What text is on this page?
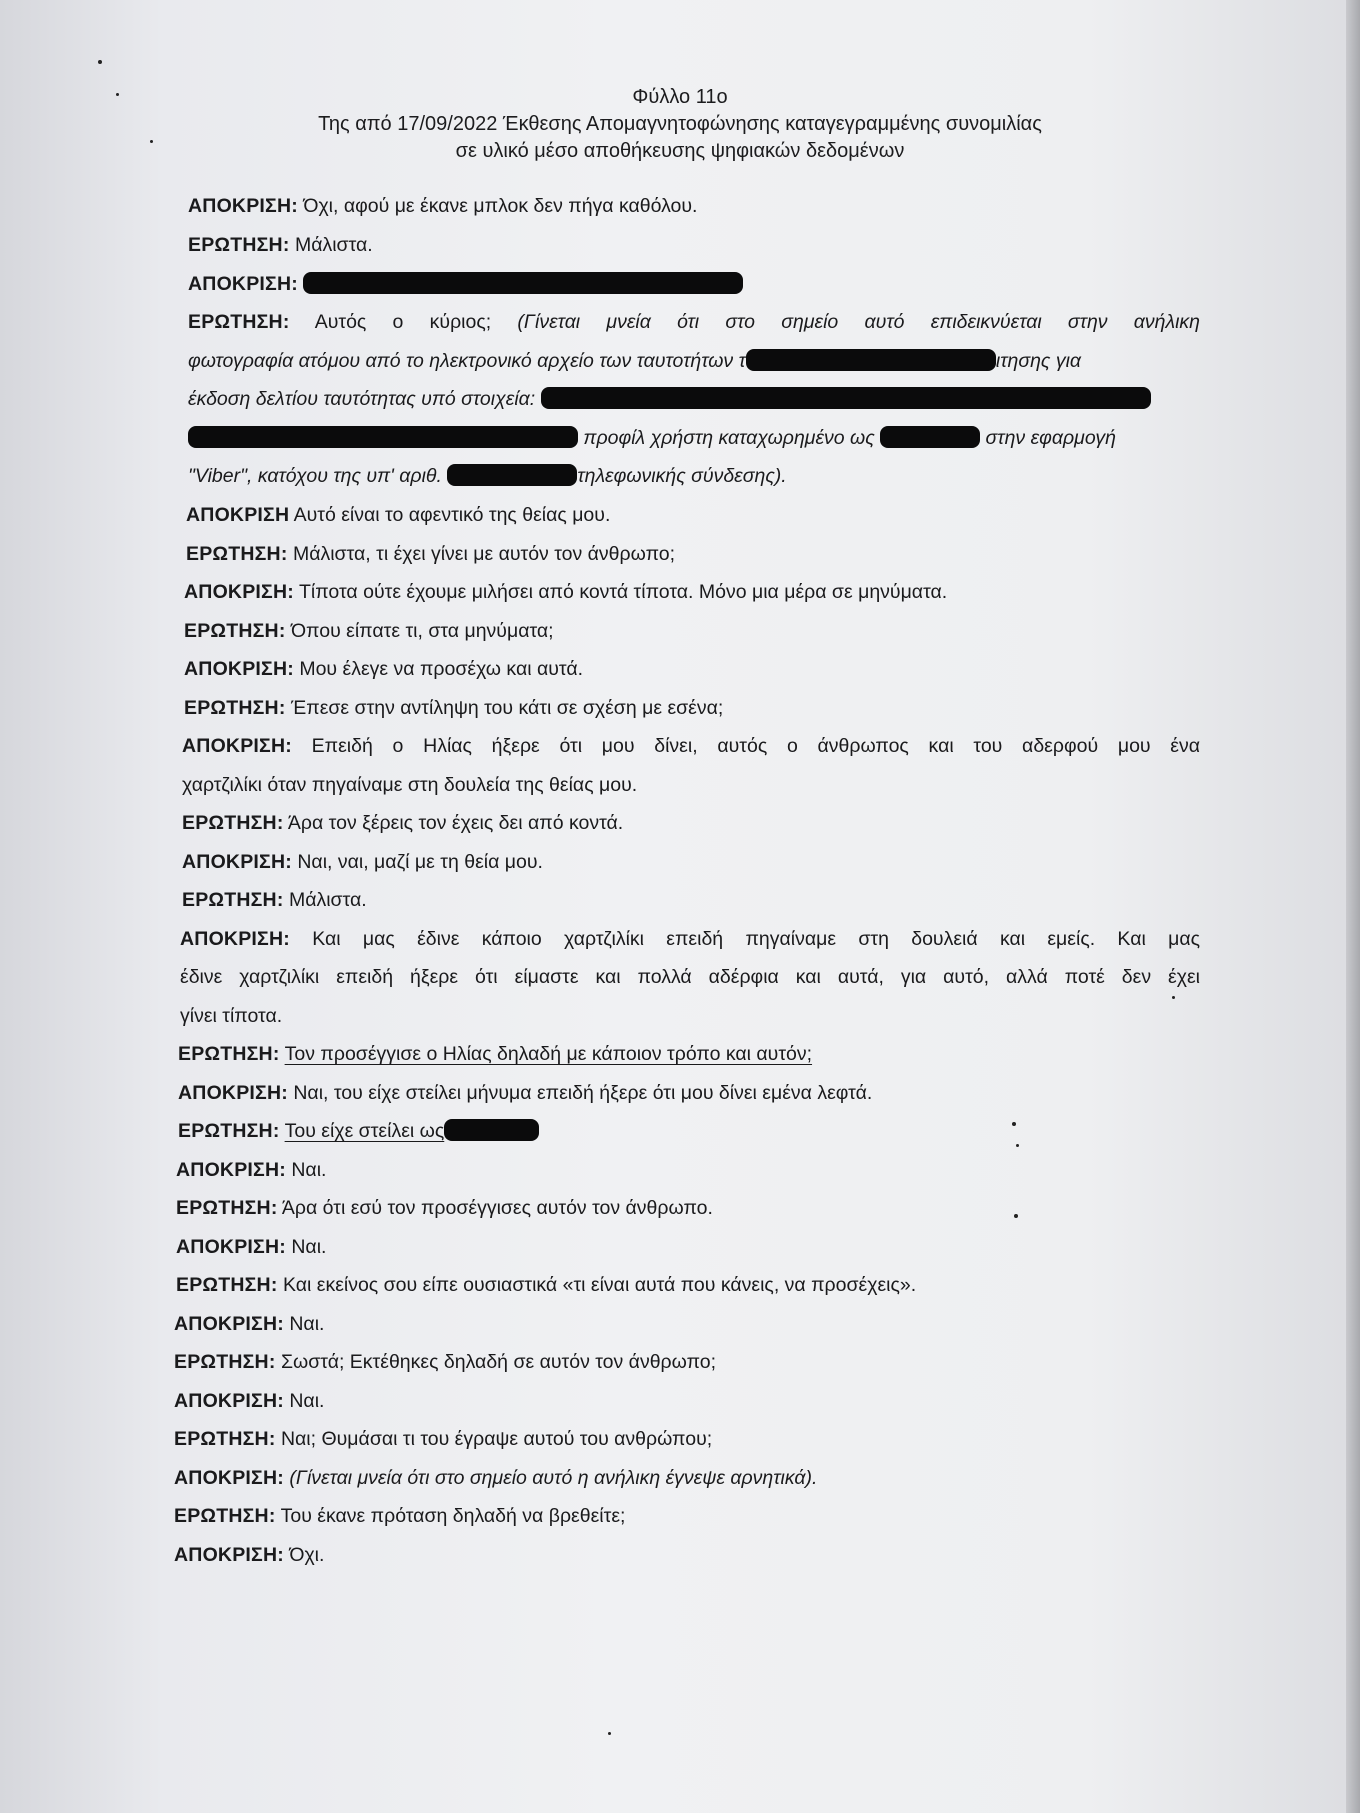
Φύλλο 11ο
Της από 17/09/2022 Έκθεσης Απομαγνητοφώνησης καταγεγραμμένης συνομιλίας
σε υλικό μέσο αποθήκευσης ψηφιακών δεδομένων
ΑΠΟΚΡΙΣΗ: Όχι, αφού με έκανε μπλοκ δεν πήγα καθόλου.
ΕΡΩΤΗΣΗ: Μάλιστα.
ΑΠΟΚΡΙΣΗ:
ΕΡΩΤΗΣΗ: Αυτός ο κύριος; (Γίνεται μνεία ότι στο σημείο αυτό επιδεικνύεται στην ανήλικη
φωτογραφία ατόμου από το ηλεκτρονικό αρχείο των ταυτοτήτων τ	ιτησης για
έκδοση δελτίου ταυτότητας υπό στοιχεία:
προφίλ χρήστη καταχωρημένο ως	στην εφαρμογή
"Viber", κατόχου της υπ' αριθ.	τηλεφωνικής σύνδεσης).
ΑΠΟΚΡΙΣΗ Αυτό είναι το αφεντικό της θείας μου.
ΕΡΩΤΗΣΗ: Μάλιστα, τι έχει γίνει με αυτόν τον άνθρωπο;
ΑΠΟΚΡΙΣΗ: Τίποτα ούτε έχουμε μιλήσει από κοντά τίποτα. Μόνο μια μέρα σε μηνύματα.
ΕΡΩΤΗΣΗ: Όπου είπατε τι, στα μηνύματα;
ΑΠΟΚΡΙΣΗ: Μου έλεγε να προσέχω και αυτά.
ΕΡΩΤΗΣΗ: Έπεσε στην αντίληψη του κάτι σε σχέση με εσένα;
ΑΠΟΚΡΙΣΗ: Επειδή ο Ηλίας ήξερε ότι μου δίνει, αυτός ο άνθρωπος και του αδερφού μου ένα
χαρτζιλίκι όταν πηγαίναμε στη δουλεία της θείας μου.
ΕΡΩΤΗΣΗ: Άρα τον ξέρεις τον έχεις δει από κοντά.
ΑΠΟΚΡΙΣΗ: Ναι, ναι, μαζί με τη θεία μου.
ΕΡΩΤΗΣΗ: Μάλιστα.
ΑΠΟΚΡΙΣΗ: Και μας έδινε κάποιο χαρτζιλίκι επειδή πηγαίναμε στη δουλειά και εμείς. Και μας
έδινε χαρτζιλίκι επειδή ήξερε ότι είμαστε και πολλά αδέρφια και αυτά, για αυτό, αλλά ποτέ δεν έχει
γίνει τίποτα.
ΕΡΩΤΗΣΗ: Τον προσέγγισε ο Ηλίας δηλαδή με κάποιον τρόπο και αυτόν;
ΑΠΟΚΡΙΣΗ: Ναι, του είχε στείλει μήνυμα επειδή ήξερε ότι μου δίνει εμένα λεφτά.
ΕΡΩΤΗΣΗ: Του είχε στείλει ως
ΑΠΟΚΡΙΣΗ: Ναι.
ΕΡΩΤΗΣΗ: Άρα ότι εσύ τον προσέγγισες αυτόν τον άνθρωπο.
ΑΠΟΚΡΙΣΗ: Ναι.
ΕΡΩΤΗΣΗ: Και εκείνος σου είπε ουσιαστικά «τι είναι αυτά που κάνεις, να προσέχεις».
ΑΠΟΚΡΙΣΗ: Ναι.
ΕΡΩΤΗΣΗ: Σωστά; Εκτέθηκες δηλαδή σε αυτόν τον άνθρωπο;
ΑΠΟΚΡΙΣΗ: Ναι.
ΕΡΩΤΗΣΗ: Ναι; Θυμάσαι τι του έγραψε αυτού του ανθρώπου;
ΑΠΟΚΡΙΣΗ: (Γίνεται μνεία ότι στο σημείο αυτό η ανήλικη έγνεψε αρνητικά).
ΕΡΩΤΗΣΗ: Του έκανε πρόταση δηλαδή να βρεθείτε;
ΑΠΟΚΡΙΣΗ: Όχι.
